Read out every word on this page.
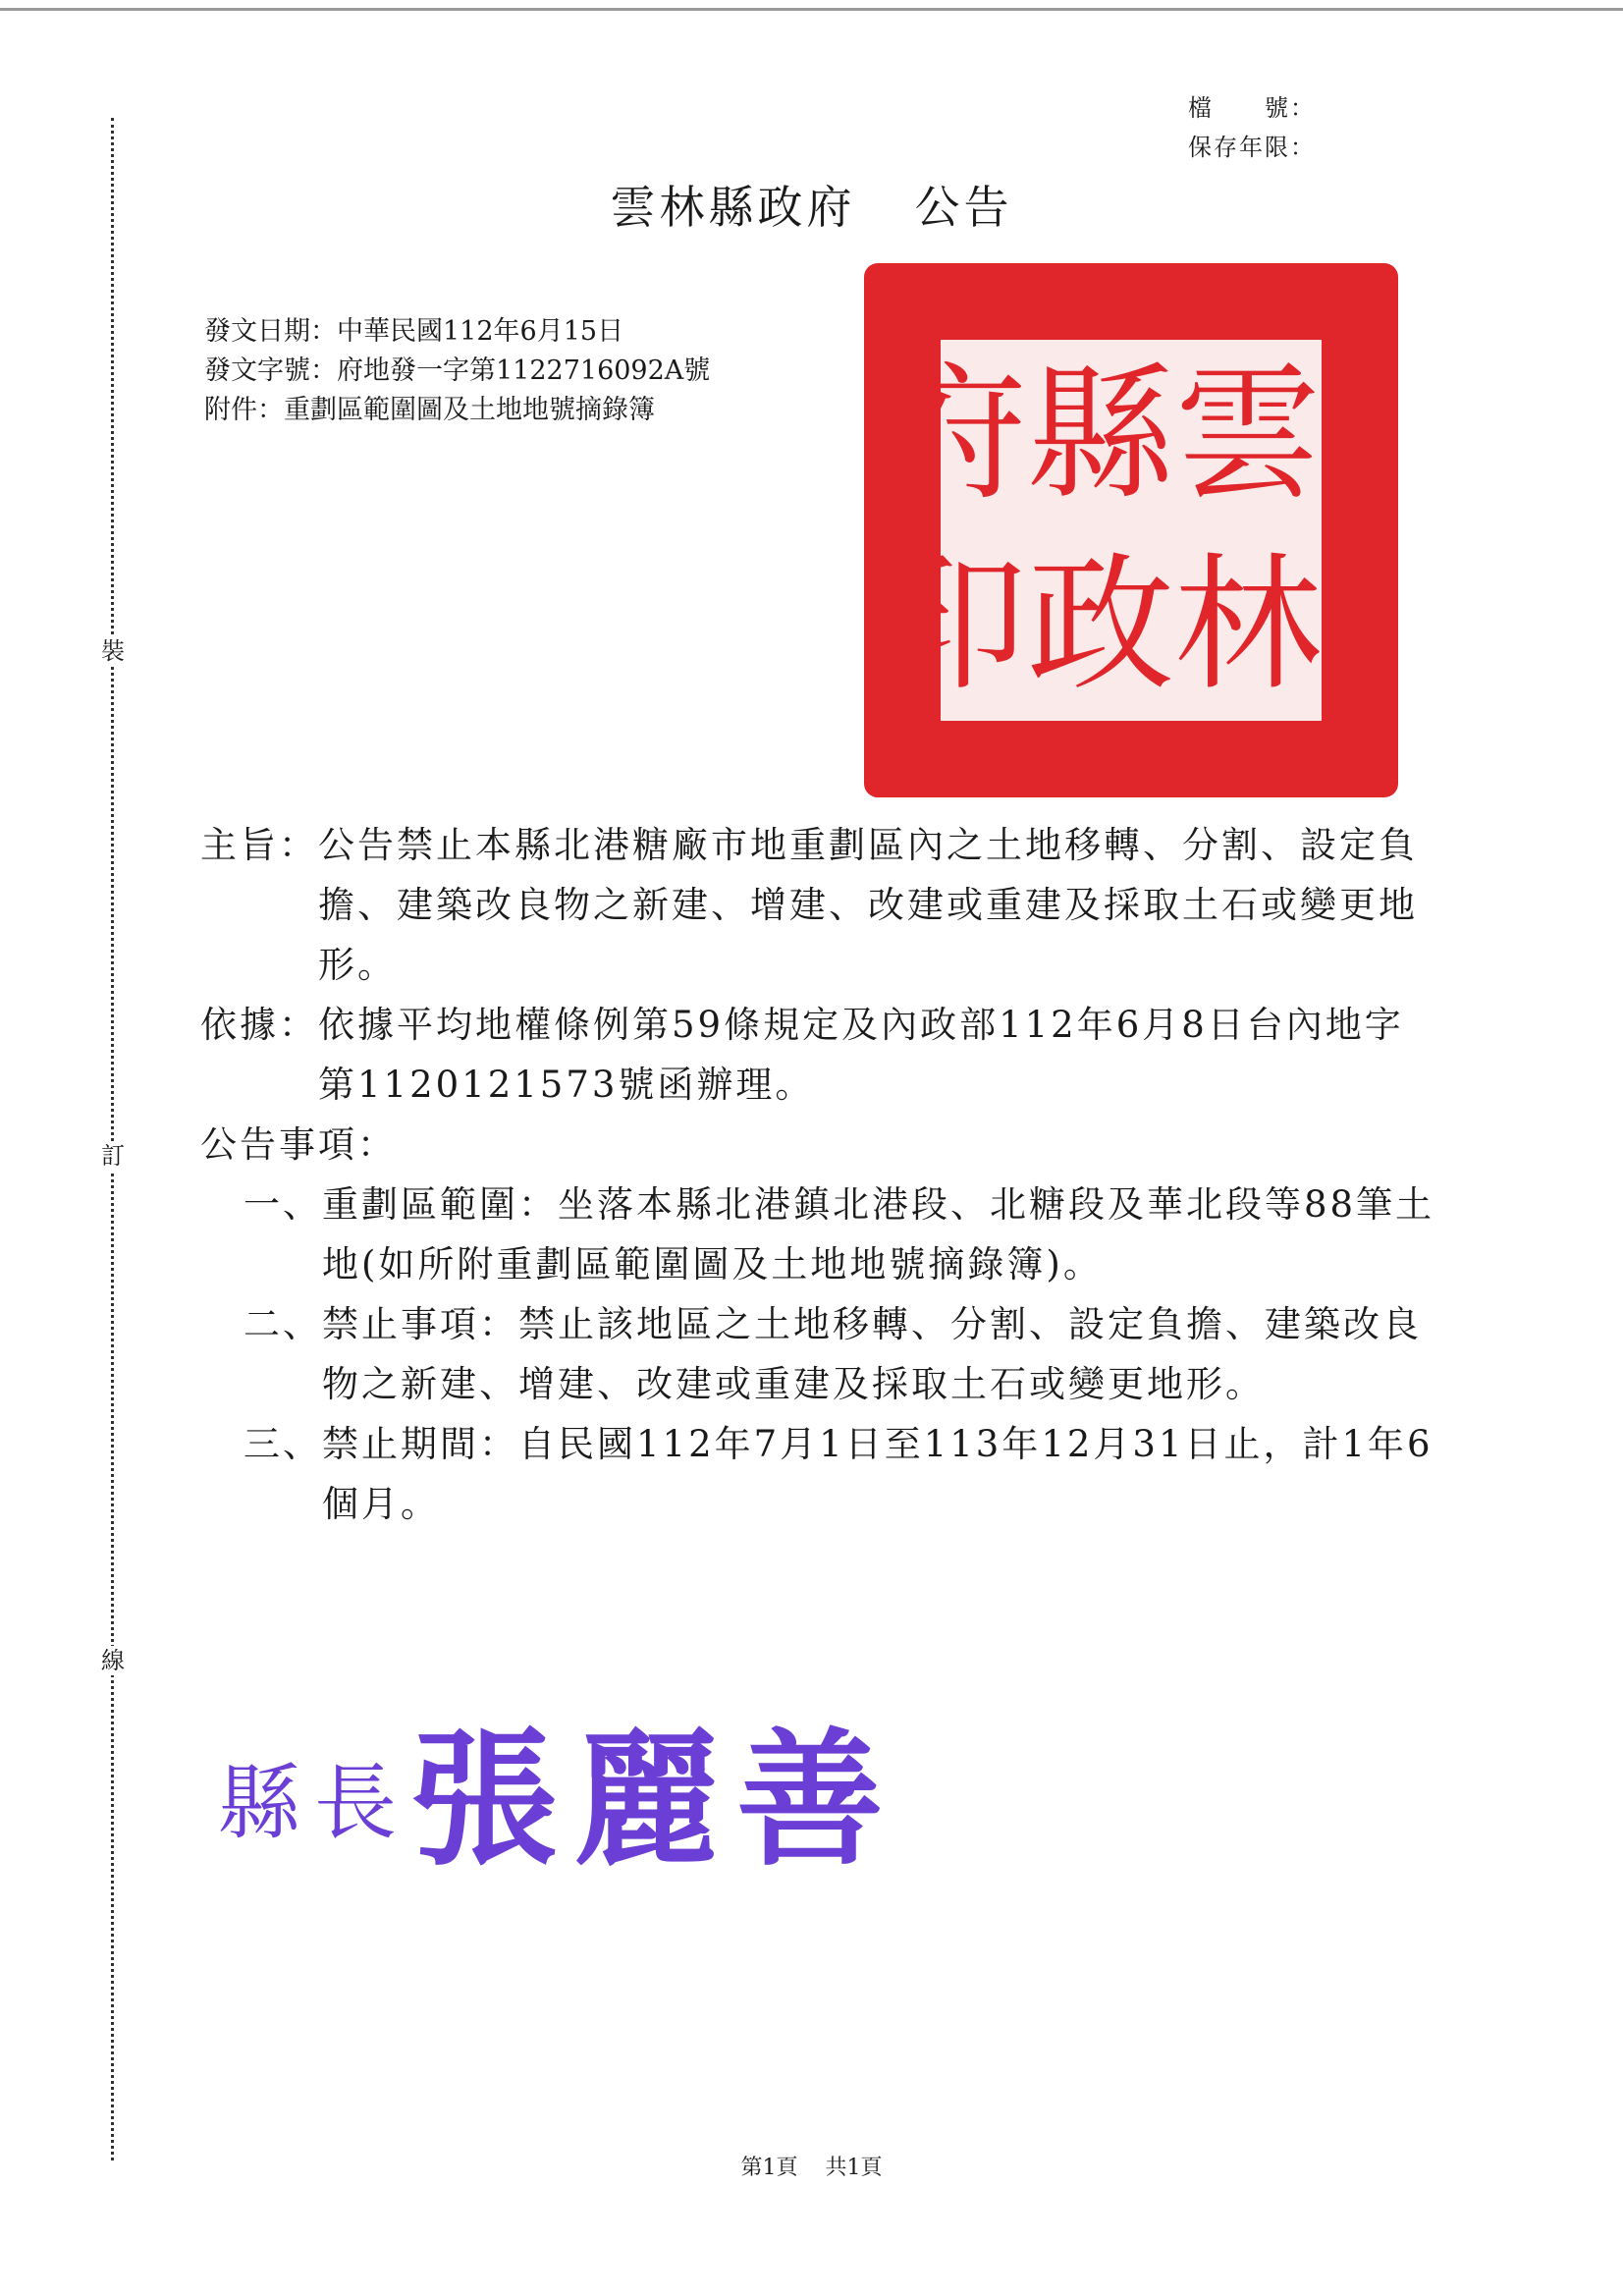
裝
訂
線
檔　　號：
保存年限：
雲林縣政府 公告
發文日期：中華民國112年6月15日
發文字號：府地發一字第1122716092A號
附件：重劃區範圍圖及土地地號摘錄簿	雲
林
縣
政
府
印
主旨： 公告禁止本縣北港糖廠市地重劃區內之土地移轉、分割、設定負擔、建築改良物之新建、增建、改建或重建及採取土石或變更地形。
依據： 依據平均地權條例第59條規定及內政部112年6月8日台內地字第1120121573號函辦理。
公告事項：
一、 重劃區範圍：坐落本縣北港鎮北港段、北糖段及華北段等88筆土地(如所附重劃區範圍圖及土地地號摘錄簿)。
二、 禁止事項：禁止該地區之土地移轉、分割、設定負擔、建築改良物之新建、增建、改建或重建及採取土石或變更地形。
三、 禁止期間：自民國112年7月1日至113年12月31日止，計1年6個月。
縣長張麗善
第1頁 共1頁
